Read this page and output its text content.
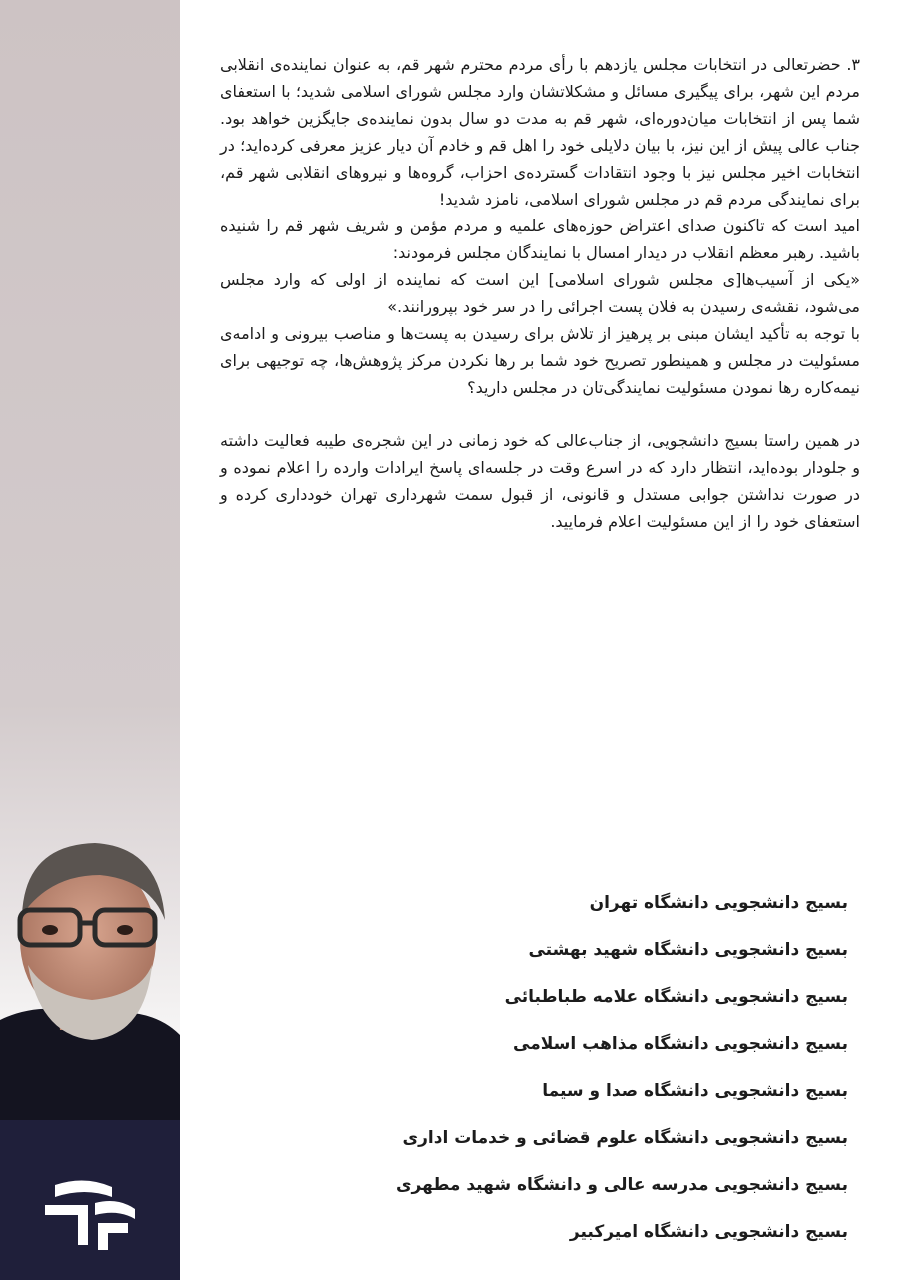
۳. حضرتعالی در انتخابات مجلس یازدهم با رأی مردم محترم شهر قم، به عنوان نماینده‌ی انقلابی مردم این شهر، برای پیگیری مسائل و مشکلاتشان وارد مجلس شورای اسلامی شدید؛ با استعفای شما پس از انتخابات میان‌دوره‌ای، شهر قم به مدت دو سال بدون نماینده‌ی جایگزین خواهد بود. جناب عالی پیش از این نیز، با بیان دلایلی خود را اهل قم و خادم آن دیار عزیز معرفی کرده‌اید؛ در انتخابات اخیر مجلس نیز با وجود انتقادات گسترده‌ی احزاب، گروه‌ها و نیروهای انقلابی شهر قم، برای نمایندگی مردم قم در مجلس شورای اسلامی، نامزد شدید!

امید است که تاکنون صدای اعتراض حوزه‌های علمیه و مردم مؤمن و شریف شهر قم را شنیده باشید. رهبر معظم انقلاب در دیدار امسال با نمایندگان مجلس فرمودند:

«یکی از آسیب‌ها[ی مجلس شورای اسلامی] این است که نماینده از اولی که وارد مجلس می‌شود، نقشه‌ی رسیدن به فلان پست اجرائی را در سر خود بپرورانند.»

با توجه به تأکید ایشان مبنی بر پرهیز از تلاش برای رسیدن به پست‌ها و مناصب بیرونی و ادامه‌ی مسئولیت در مجلس و همینطور تصریح خود شما بر رها نکردن مرکز پژوهش‌ها، چه توجیهی برای نیمه‌کاره رها نمودن مسئولیت نمایندگی‌تان در مجلس دارید؟

در همین راستا بسیج دانشجویی، از جناب‌عالی که خود زمانی در این شجره‌ی طیبه فعالیت داشته و جلودار بوده‌اید، انتظار دارد که در اسرع وقت در جلسه‌ای پاسخ ایرادات وارده را اعلام نموده و در صورت نداشتن جوابی مستدل و قانونی، از قبول سمت شهرداری تهران خودداری کرده و استعفای خود را از این مسئولیت اعلام فرمایید.

بسیج دانشجویی دانشگاه تهران
بسیج دانشجویی دانشگاه شهید بهشتی
بسیج دانشجویی دانشگاه علامه طباطبائی
بسیج دانشجویی دانشگاه مذاهب اسلامی
بسیج دانشجویی دانشگاه صدا و سیما
بسیج دانشجویی دانشگاه علوم قضائی و خدمات اداری
بسیج دانشجویی مدرسه عالی و دانشگاه شهید مطهری
بسیج دانشجویی دانشگاه امیرکبیر
